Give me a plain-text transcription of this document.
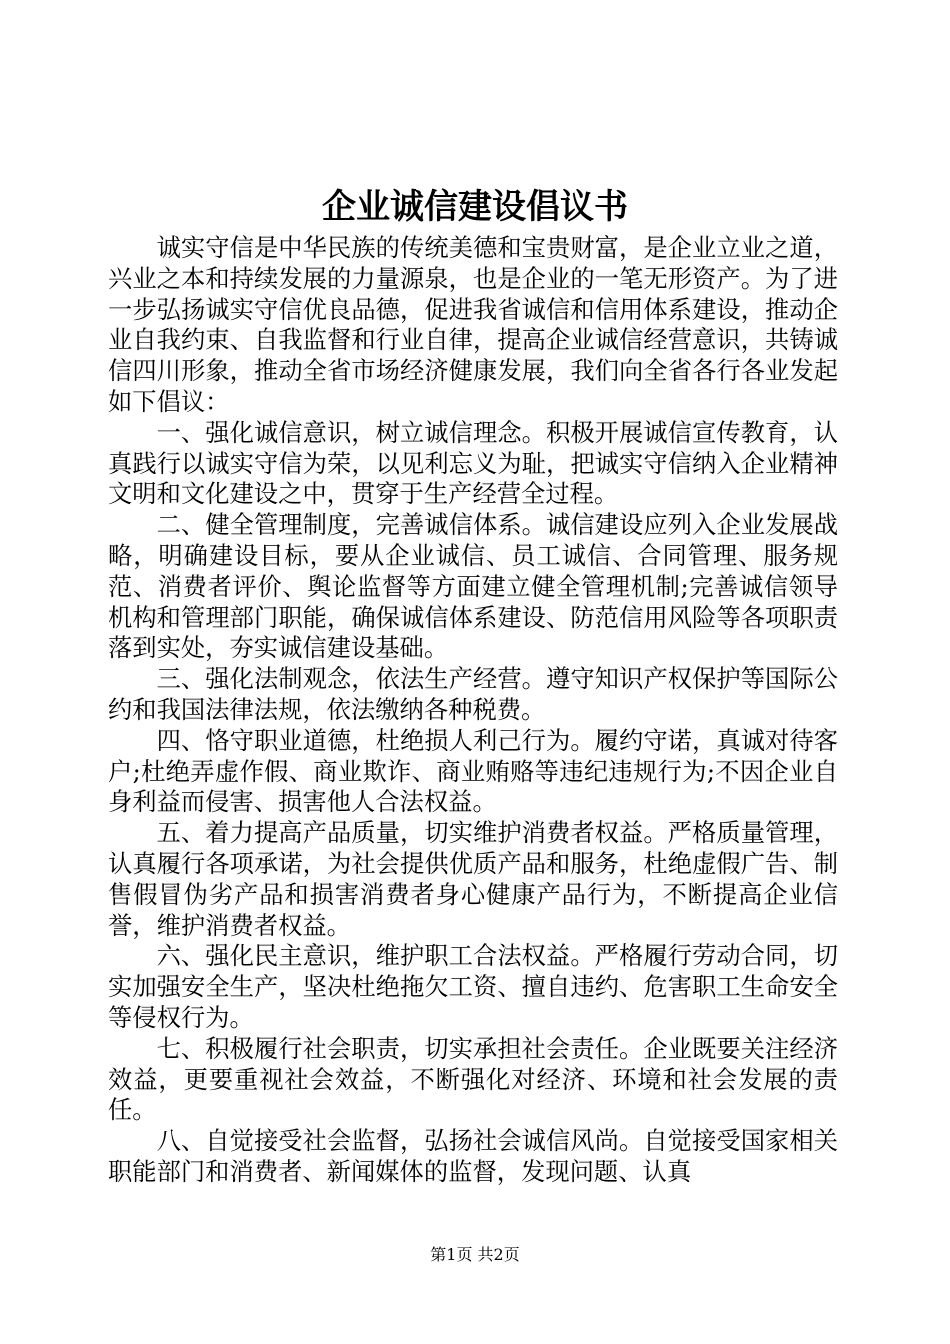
企业诚信建设倡议书

诚实守信是中华民族的传统美德和宝贵财富，是企业立业之道，兴业之本和持续发展的力量源泉，也是企业的一笔无形资产。为了进一步弘扬诚实守信优良品德，促进我省诚信和信用体系建设，推动企业自我约束、自我监督和行业自律，提高企业诚信经营意识，共铸诚信四川形象，推动全省市场经济健康发展，我们向全省各行各业发起如下倡议：

一、强化诚信意识，树立诚信理念。积极开展诚信宣传教育，认真践行以诚实守信为荣，以见利忘义为耻，把诚实守信纳入企业精神文明和文化建设之中，贯穿于生产经营全过程。

二、健全管理制度，完善诚信体系。诚信建设应列入企业发展战略，明确建设目标，要从企业诚信、员工诚信、合同管理、服务规范、消费者评价、舆论监督等方面建立健全管理机制;完善诚信领导机构和管理部门职能，确保诚信体系建设、防范信用风险等各项职责落到实处，夯实诚信建设基础。

三、强化法制观念，依法生产经营。遵守知识产权保护等国际公约和我国法律法规，依法缴纳各种税费。

四、恪守职业道德，杜绝损人利己行为。履约守诺，真诚对待客户;杜绝弄虚作假、商业欺诈、商业贿赂等违纪违规行为;不因企业自身利益而侵害、损害他人合法权益。

五、着力提高产品质量，切实维护消费者权益。严格质量管理，认真履行各项承诺，为社会提供优质产品和服务，杜绝虚假广告、制售假冒伪劣产品和损害消费者身心健康产品行为，不断提高企业信誉，维护消费者权益。

六、强化民主意识，维护职工合法权益。严格履行劳动合同，切实加强安全生产，坚决杜绝拖欠工资、擅自违约、危害职工生命安全等侵权行为。

七、积极履行社会职责，切实承担社会责任。企业既要关注经济效益，更要重视社会效益，不断强化对经济、环境和社会发展的责任。

八、自觉接受社会监督，弘扬社会诚信风尚。自觉接受国家相关职能部门和消费者、新闻媒体的监督，发现问题、认真

第1页 共2页
